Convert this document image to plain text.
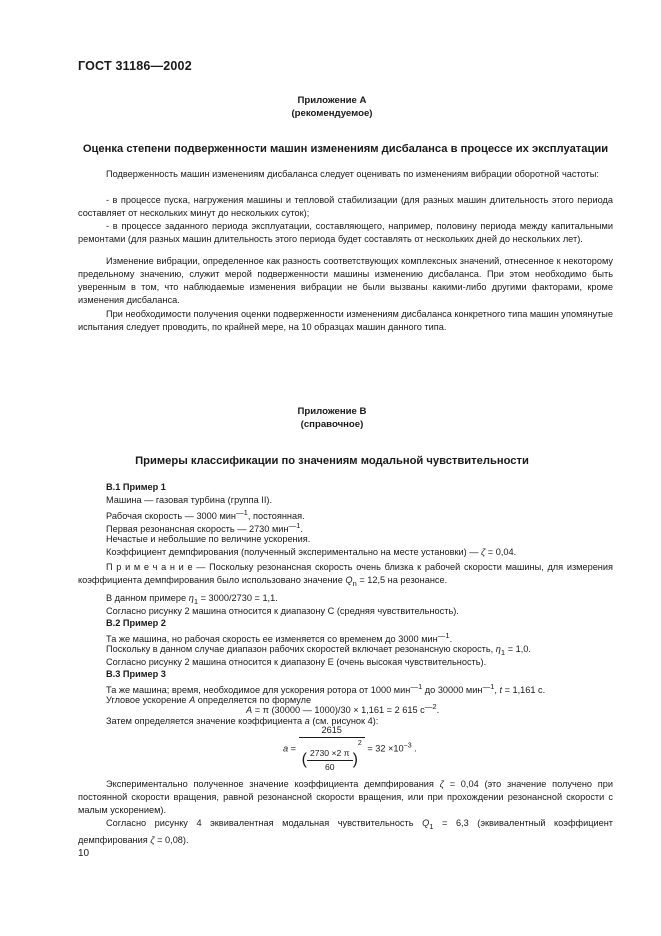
ГОСТ 31186—2002
Приложение А
(рекомендуемое)
Оценка степени подверженности машин изменениям дисбаланса в процессе их эксплуатации
Подверженность машин изменениям дисбаланса следует оценивать по изменениям вибрации оборотной частоты:
- в процессе пуска, нагружения машины и тепловой стабилизации (для разных машин длительность этого периода составляет от нескольких минут до нескольких суток);
- в процессе заданного периода эксплуатации, составляющего, например, половину периода между капитальными ремонтами (для разных машин длительность этого периода будет составлять от нескольких дней до нескольких лет).
Изменение вибрации, определенное как разность соответствующих комплексных значений, отнесенное к некоторому предельному значению, служит мерой подверженности машины изменению дисбаланса. При этом необходимо быть уверенным в том, что наблюдаемые изменения вибрации не были вызваны какими-либо другими факторами, кроме изменения дисбаланса.
При необходимости получения оценки подверженности изменениям дисбаланса конкретного типа машин упомянутые испытания следует проводить, по крайней мере, на 10 образцах машин данного типа.
Приложение В
(справочное)
Примеры классификации по значениям модальной чувствительности
В.1 Пример 1
Машина — газовая турбина (группа II).
Рабочая скорость — 3000 мин$^{—1}$, постоянная.
Первая резонансная скорость — 2730 мин$^{—1}$.
Нечастые и небольшие по величине ускорения.
Коэффициент демпфирования (полученный экспериментально на месте установки) — ζ = 0,04.
П р и м е ч а н и е — Поскольку резонансная скорость очень близка к рабочей скорости машины, для измерения коэффициента демпфирования было использовано значение $Q_n = 12,5$ на резонансе.
В данном примере $\eta_1 = 3000/2730 = 1,1$.
Согласно рисунку 2 машина относится к диапазону С (средняя чувствительность).
В.2 Пример 2
Та же машина, но рабочая скорость ее изменяется со временем до 3000 мин$^{—1}$.
Поскольку в данном случае диапазон рабочих скоростей включает резонансную скорость, $\eta_1 = 1,0$.
Согласно рисунку 2 машина относится к диапазону Е (очень высокая чувствительность).
В.3 Пример 3
Та же машина; время, необходимое для ускорения ротора от 1000 мин$^{—1}$ до 30000 мин$^{—1}$, t = 1,161 с.
Угловое ускорение А определяется по формуле
А = π (30000 — 1000)/30 × 1,161 = 2 615 $с^{—2}$.
Затем определяется значение коэффициента а (см. рисунок 4):
$а = \frac{2615}{( \frac{2730 \times 2 \pi}{60} )^2} = 32 \times 10^{-3}$ .
Экспериментально полученное значение коэффициента демпфирования ζ = 0,04 (это значение получено при постоянной скорости вращения, равной резонансной скорости вращения, или при прохождении резонансной скорости с малым ускорением).
Согласно рисунку 4 эквивалентная модальная чувствительность $Q_1 = 6,3$ (эквивалентный коэффициент демпфирования ζ = 0,08).
10
